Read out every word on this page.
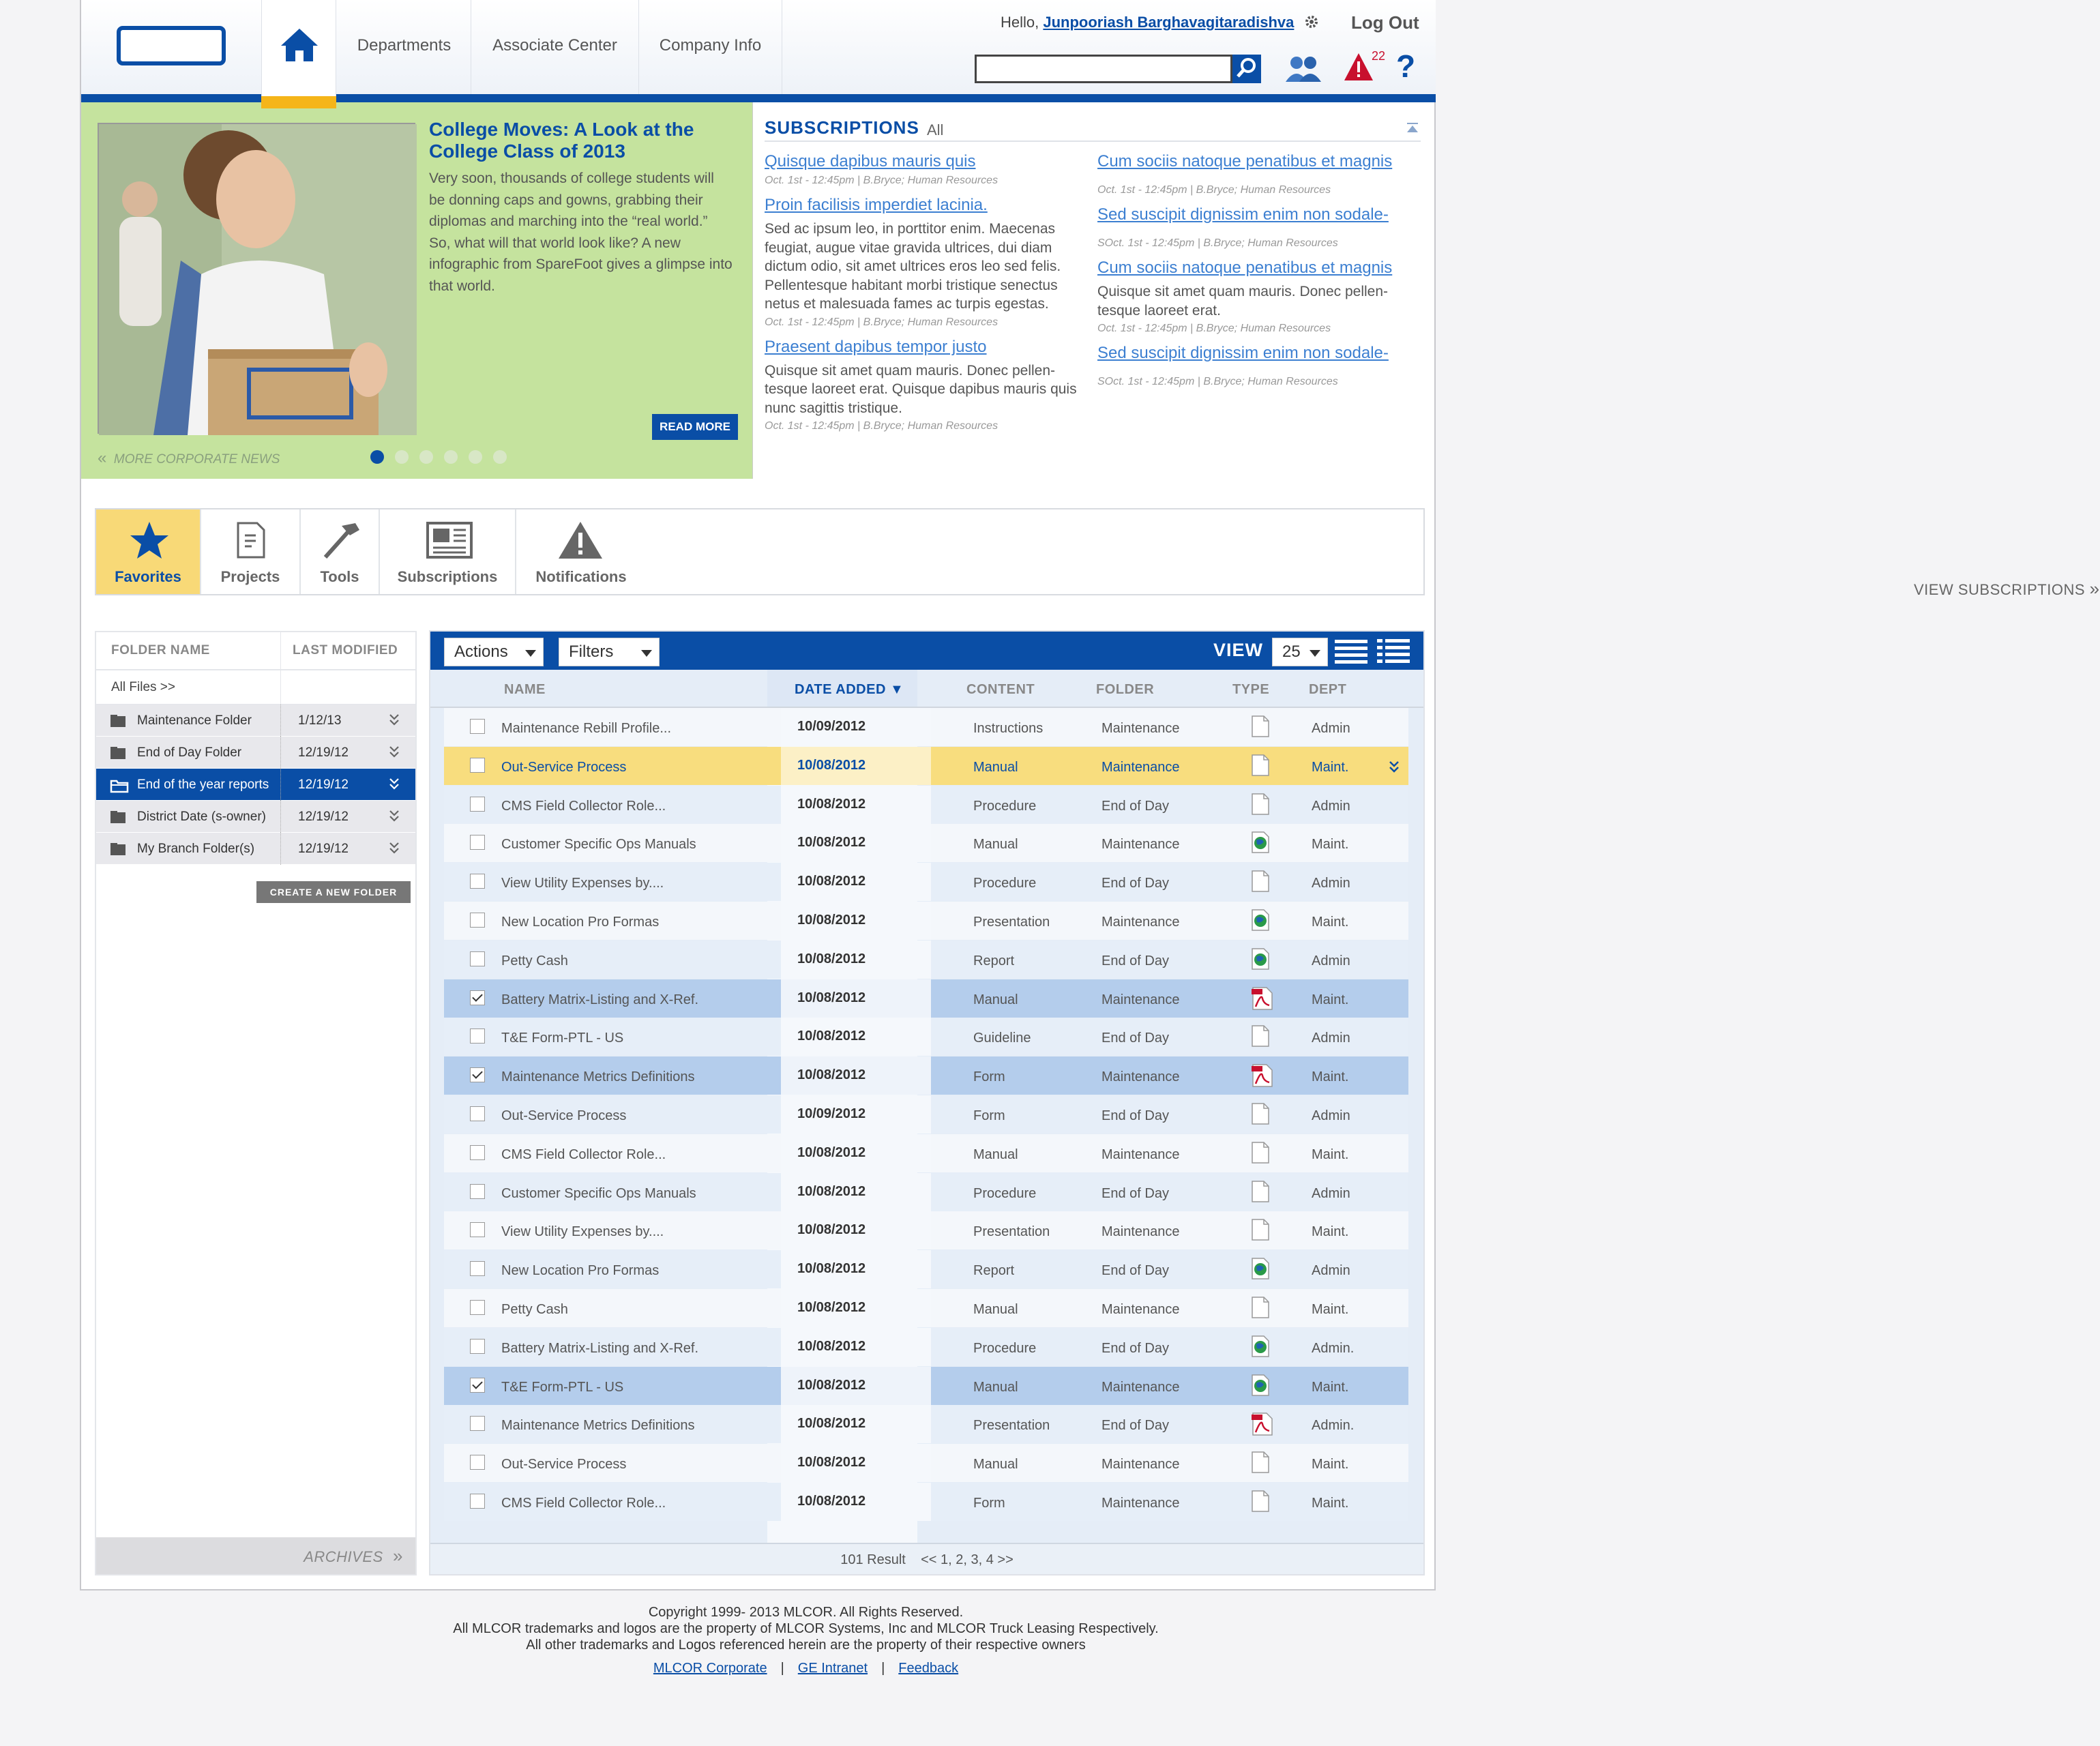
Departments	Associate Center	Company Info
Hello, Junpooriash Barghavagitaradishva	Log Out
22 ?
College Moves: A Look at the College Class of 2013
Very soon, thousands of college students will be donning caps and gowns, grabbing their diplomas and marching into the “real world.” So, what will that world look like? A new infographic from SpareFoot gives a glimpse into that world.
READ MORE
« MORE CORPORATE NEWS
SUBSCRIPTIONS All
Quisque dapibus mauris quis
Oct. 1st - 12:45pm | B.Bryce; Human Resources
Proin facilisis imperdiet lacinia.
Sed ac ipsum leo, in porttitor enim. Maecenas feugiat, augue vitae gravida ultrices, dui diam dictum odio, sit amet ultrices eros leo sed felis. Pellentesque habitant morbi tristique senectus netus et malesuada fames ac turpis egestas.
Oct. 1st - 12:45pm | B.Bryce; Human Resources
Praesent dapibus tempor justo
Quisque sit amet quam mauris. Donec pellen-tesque laoreet erat. Quisque dapibus mauris quis nunc sagittis tristique.
Oct. 1st - 12:45pm | B.Bryce; Human Resources
Cum sociis natoque penatibus et magnis
Oct. 1st - 12:45pm | B.Bryce; Human Resources
Sed suscipit dignissim enim non sodale-
SOct. 1st - 12:45pm | B.Bryce; Human Resources
Cum sociis natoque penatibus et magnis
Quisque sit amet quam mauris. Donec pellen-tesque laoreet erat.
Oct. 1st - 12:45pm | B.Bryce; Human Resources
Sed suscipit dignissim enim non sodale-
SOct. 1st - 12:45pm | B.Bryce; Human Resources
VIEW SUBSCRIPTIONS »
Favorites	Projects	Tools	Subscriptions	Notifications
FOLDER NAME	LAST MODIFIED
All Files >>
Maintenance Folder	1/12/13
End of Day Folder	12/19/12
End of the year reports 12/19/12
District Date (s-owner) 12/19/12
My Branch Folder(s)	12/19/12
CREATE A NEW FOLDER
ARCHIVES  »
Actions	Filters	VIEW	25
NAME	DATE ADDED ▼	CONTENT	FOLDER	TYPE	DEPT
Maintenance Rebill Profile...	10/09/2012	Instructions	Maintenance	Admin
Out-Service Process	10/08/2012	Manual	Maintenance	Maint.
CMS Field Collector Role...	10/08/2012	Procedure	End of Day	Admin
Customer Specific Ops Manuals	10/08/2012	Manual	Maintenance	Maint.
View Utility Expenses by....	10/08/2012	Procedure	End of Day	Admin
New Location Pro Formas	10/08/2012	Presentation	Maintenance	Maint.
Petty Cash	10/08/2012	Report	End of Day	Admin
Battery Matrix-Listing and X-Ref.	10/08/2012	Manual	Maintenance	Maint.
T&E Form-PTL - US	10/08/2012	Guideline	End of Day	Admin
Maintenance Metrics Definitions	10/08/2012	Form	Maintenance	Maint.
Out-Service Process	10/09/2012	Form	End of Day	Admin
CMS Field Collector Role...	10/08/2012	Manual	Maintenance	Maint.
Customer Specific Ops Manuals	10/08/2012	Procedure	End of Day	Admin
View Utility Expenses by....	10/08/2012	Presentation	Maintenance	Maint.
New Location Pro Formas	10/08/2012	Report	End of Day	Admin
Petty Cash	10/08/2012	Manual	Maintenance	Maint.
Battery Matrix-Listing and X-Ref.	10/08/2012	Procedure	End of Day	Admin.
T&E Form-PTL - US	10/08/2012	Manual	Maintenance	Maint.
Maintenance Metrics Definitions	10/08/2012	Presentation	End of Day	Admin.
Out-Service Process	10/08/2012	Manual	Maintenance	Maint.
CMS Field Collector Role...	10/08/2012	Form	Maintenance	Maint.
101 Result << 1, 2, 3, 4 >>
Copyright 1999- 2013 MLCOR. All Rights Reserved.
All MLCOR trademarks and logos are the property of MLCOR Systems, Inc and MLCOR Truck Leasing Respectively.
All other trademarks and Logos referenced herein are the property of their respective owners
MLCOR Corporate | GE Intranet | Feedback
